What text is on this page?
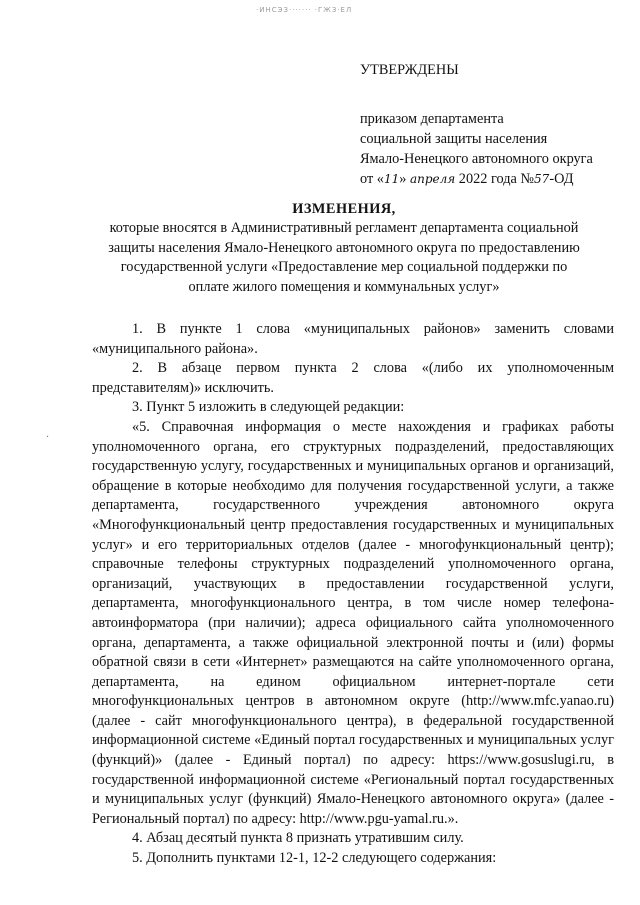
·ИНСЭЗ······· ·ГЖЗ·ЕЛ

УТВЕРЖДЕНЫ

приказом департамента

социальной защиты населения

Ямало-Ненецкого автономного округа

от «11» апреля 2022 года №57-ОД

ИЗМЕНЕНИЯ,

которые вносятся в Административный регламент департамента социальной

защиты населения Ямало-Ненецкого автономного округа по предоставлению

государственной услуги «Предоставление мер социальной поддержки по

оплате жилого помещения и коммунальных услуг»

·

1. В пункте 1 слова «муниципальных районов» заменить словами «муниципального района».

2. В абзаце первом пункта 2 слова «(либо их уполномоченным представителям)» исключить.

3. Пункт 5 изложить в следующей редакции:

«5. Справочная информация о месте нахождения и графиках работы уполномоченного органа, его структурных подразделений, предоставляющих государственную услугу, государственных и муниципальных органов и организаций, обращение в которые необходимо для получения государственной услуги, а также департамента, государственного учреждения автономного округа «Многофункциональный центр предоставления государственных и муниципальных услуг» и его территориальных отделов (далее - многофункциональный центр); справочные телефоны структурных подразделений уполномоченного органа, организаций, участвующих в предоставлении государственной услуги, департамента, многофункционального центра, в том числе номер телефона-автоинформатора (при наличии); адреса официального сайта уполномоченного органа, департамента, а также официальной электронной почты и (или) формы обратной связи в сети «Интернет» размещаются на сайте уполномоченного органа, департамента, на едином официальном интернет-портале сети многофункциональных центров в автономном округе (http://www.mfc.yanao.ru) (далее - сайт многофункционального центра), в федеральной государственной информационной системе «Единый портал государственных и муниципальных услуг (функций)» (далее - Единый портал) по адресу: https://www.gosuslugi.ru, в государственной информационной системе «Региональный портал государственных и муниципальных услуг (функций) Ямало-Ненецкого автономного округа» (далее - Региональный портал) по адресу: http://www.pgu-yamal.ru.».

4. Абзац десятый пункта 8 признать утратившим силу.

5. Дополнить пунктами 12-1, 12-2 следующего содержания:
